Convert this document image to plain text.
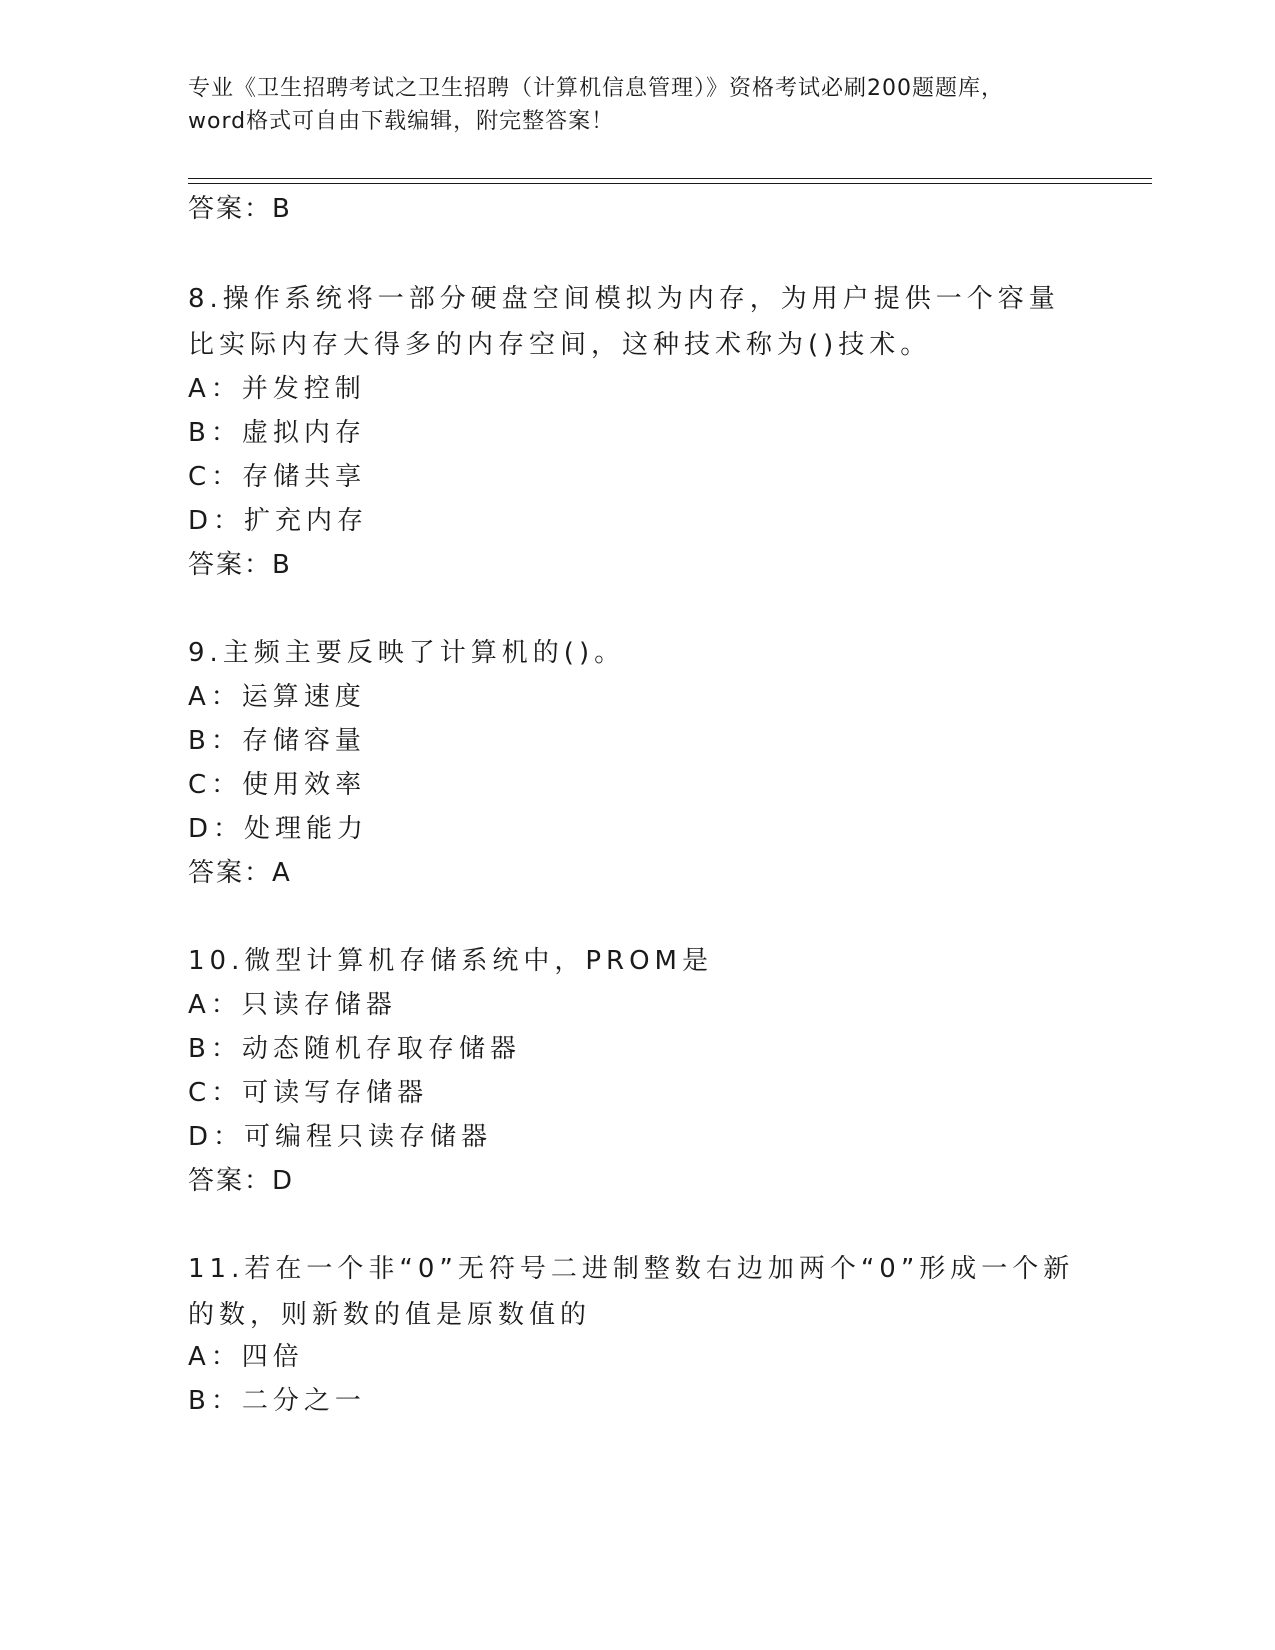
专业《卫生招聘考试之卫生招聘（计算机信息管理）》资格考试必刷200题题库，
word格式可自由下载编辑，附完整答案！
答案：B
8.操作系统将一部分硬盘空间模拟为内存，为用户提供一个容量比实际内存大得多的内存空间，这种技术称为()技术。
A：并发控制
B：虚拟内存
C：存储共享
D：扩充内存
答案：B
9.主频主要反映了计算机的()。
A：运算速度
B：存储容量
C：使用效率
D：处理能力
答案：A
10.微型计算机存储系统中，PROM是
A：只读存储器
B：动态随机存取存储器
C：可读写存储器
D：可编程只读存储器
答案：D
11.若在一个非“0”无符号二进制整数右边加两个“0”形成一个新的数，则新数的值是原数值的
A：四倍
B：二分之一
